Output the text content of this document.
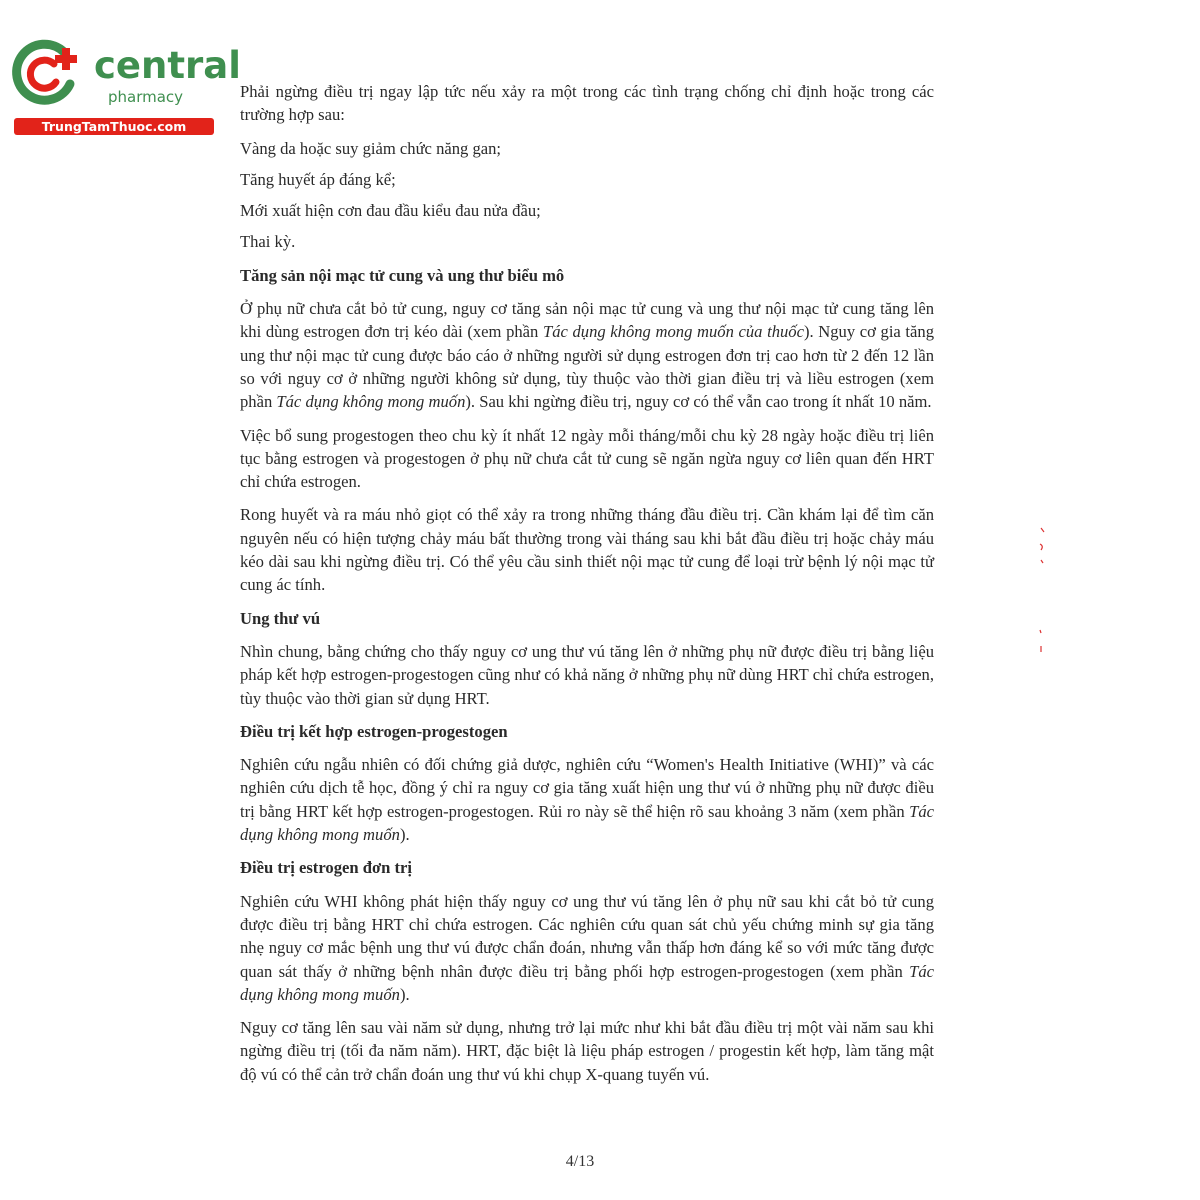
central
pharmacy
TrungTamThuoc.com

Phải ngừng điều trị ngay lập tức nếu xảy ra một trong các tình trạng chống chỉ định hoặc trong các trường hợp sau:

Vàng da hoặc suy giảm chức năng gan;

Tăng huyết áp đáng kể;

Mới xuất hiện cơn đau đầu kiểu đau nửa đầu;

Thai kỳ.

Tăng sản nội mạc tử cung và ung thư biểu mô

Ở phụ nữ chưa cắt bỏ tử cung, nguy cơ tăng sản nội mạc tử cung và ung thư nội mạc tử cung tăng lên khi dùng estrogen đơn trị kéo dài (xem phần Tác dụng không mong muốn của thuốc). Nguy cơ gia tăng ung thư nội mạc tử cung được báo cáo ở những người sử dụng estrogen đơn trị cao hơn từ 2 đến 12 lần so với nguy cơ ở những người không sử dụng, tùy thuộc vào thời gian điều trị và liều estrogen (xem phần Tác dụng không mong muốn). Sau khi ngừng điều trị, nguy cơ có thể vẫn cao trong ít nhất 10 năm.

Việc bổ sung progestogen theo chu kỳ ít nhất 12 ngày mỗi tháng/mỗi chu kỳ 28 ngày hoặc điều trị liên tục bằng estrogen và progestogen ở phụ nữ chưa cắt tử cung sẽ ngăn ngừa nguy cơ liên quan đến HRT chỉ chứa estrogen.

Rong huyết và ra máu nhỏ giọt có thể xảy ra trong những tháng đầu điều trị. Cần khám lại để tìm căn nguyên nếu có hiện tượng chảy máu bất thường trong vài tháng sau khi bắt đầu điều trị hoặc chảy máu kéo dài sau khi ngừng điều trị. Có thể yêu cầu sinh thiết nội mạc tử cung để loại trừ bệnh lý nội mạc tử cung ác tính.

Ung thư vú

Nhìn chung, bằng chứng cho thấy nguy cơ ung thư vú tăng lên ở những phụ nữ được điều trị bằng liệu pháp kết hợp estrogen-progestogen cũng như có khả năng ở những phụ nữ dùng HRT chỉ chứa estrogen, tùy thuộc vào thời gian sử dụng HRT.

Điều trị kết hợp estrogen-progestogen

Nghiên cứu ngẫu nhiên có đối chứng giả dược, nghiên cứu “Women's Health Initiative (WHI)” và các nghiên cứu dịch tễ học, đồng ý chỉ ra nguy cơ gia tăng xuất hiện ung thư vú ở những phụ nữ được điều trị bằng HRT kết hợp estrogen-progestogen. Rủi ro này sẽ thể hiện rõ sau khoảng 3 năm (xem phần Tác dụng không mong muốn).

Điều trị estrogen đơn trị

Nghiên cứu WHI không phát hiện thấy nguy cơ ung thư vú tăng lên ở phụ nữ sau khi cắt bỏ tử cung được điều trị bằng HRT chỉ chứa estrogen. Các nghiên cứu quan sát chủ yếu chứng minh sự gia tăng nhẹ nguy cơ mắc bệnh ung thư vú được chẩn đoán, nhưng vẫn thấp hơn đáng kể so với mức tăng được quan sát thấy ở những bệnh nhân được điều trị bằng phối hợp estrogen-progestogen (xem phần Tác dụng không mong muốn).

Nguy cơ tăng lên sau vài năm sử dụng, nhưng trở lại mức như khi bắt đầu điều trị một vài năm sau khi ngừng điều trị (tối đa năm năm). HRT, đặc biệt là liệu pháp estrogen / progestin kết hợp, làm tăng mật độ vú có thể cản trở chẩn đoán ung thư vú khi chụp X-quang tuyến vú.

4/13
